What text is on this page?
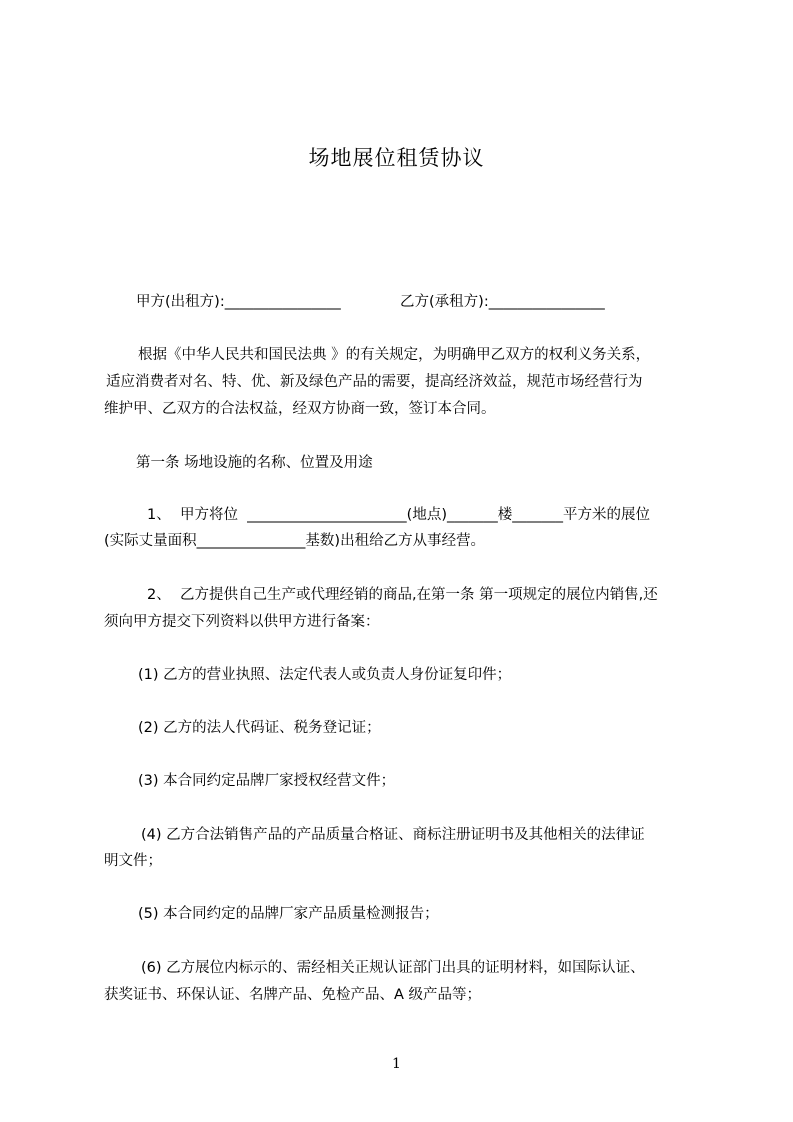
场地展位租赁协议
甲方(出租方):________________	乙方(承租方):________________
根据《中华人民共和国民法典 》的有关规定，为明确甲乙双方的权利义务关系，
适应消费者对名、特、优、新及绿色产品的需要，提高经济效益，规范市场经营行为
维护甲、乙双方的合法权益，经双方协商一致，签订本合同。
第一条 场地设施的名称、位置及用途
1、  甲方将位  ______________________(地点)_______楼_______平方米的展位
(实际丈量面积_______________基数)出租给乙方从事经营。
2、  乙方提供自己生产或代理经销的商品,在第一条 第一项规定的展位内销售,还
须向甲方提交下列资料以供甲方进行备案：
(1) 乙方的营业执照、法定代表人或负责人身份证复印件；
(2) 乙方的法人代码证、税务登记证；
(3) 本合同约定品牌厂家授权经营文件；
(4) 乙方合法销售产品的产品质量合格证、商标注册证明书及其他相关的法律证
明文件；
(5) 本合同约定的品牌厂家产品质量检测报告；
(6) 乙方展位内标示的、需经相关正规认证部门出具的证明材料，如国际认证、
获奖证书、环保认证、名牌产品、免检产品、A 级产品等；
1
